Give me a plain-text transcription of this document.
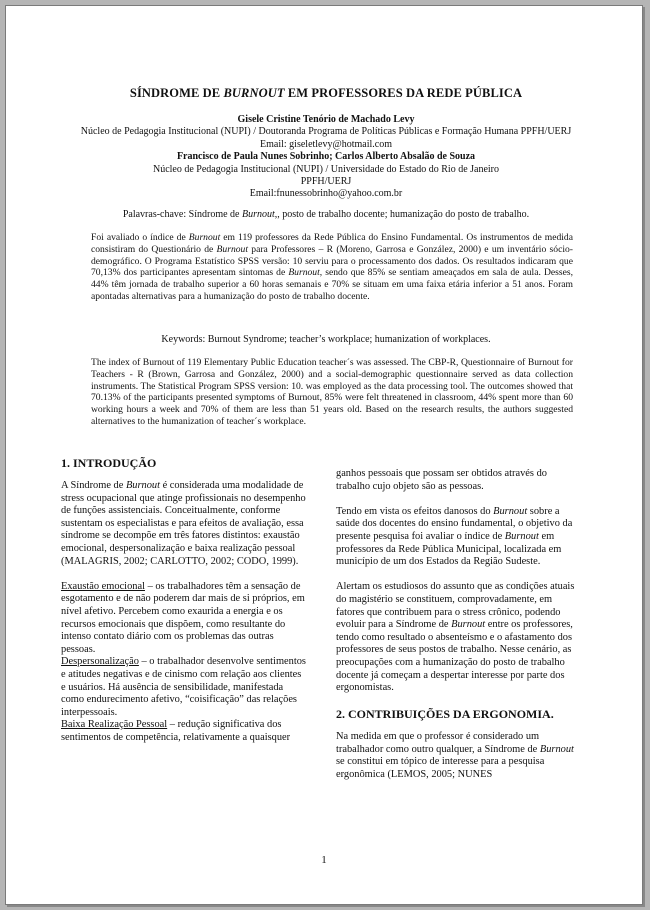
SÍNDROME DE BURNOUT EM PROFESSORES DA REDE PÚBLICA
Gisele Cristine Tenório de Machado Levy
Núcleo de Pedagogia Institucional (NUPI) / Doutoranda Programa de Políticas Públicas e Formação Humana PPFH/UERJ
Email: giseletlevy@hotmail.com
Francisco de Paula Nunes Sobrinho; Carlos Alberto Absalão de Souza
Núcleo de Pedagogia Institucional (NUPI) / Universidade do Estado do Rio de Janeiro
PPFH/UERJ
Email:fnunessobrinho@yahoo.com.br
Palavras-chave: Síndrome de Burnout,, posto de trabalho docente; humanização do posto de trabalho.
Foi avaliado o índice de Burnout em 119 professores da Rede Pública do Ensino Fundamental. Os instrumentos de medida consistiram do Questionário de Burnout para Professores – R (Moreno, Garrosa e González, 2000) e um inventário sócio-demográfico. O Programa Estatístico SPSS versão: 10 serviu para o processamento dos dados. Os resultados indicaram que 70,13% dos participantes apresentam sintomas de Burnout, sendo que 85% se sentiam ameaçados em sala de aula. Desses, 44% têm jornada de trabalho superior a 60 horas semanais e 70% se situam em uma faixa etária inferior a 51 anos. Foram apontadas alternativas para a humanização do posto de trabalho docente.
Keywords: Burnout Syndrome; teacher’s workplace; humanization of workplaces.
The index of Burnout of 119 Elementary Public Education teacher´s was assessed. The CBP-R, Questionnaire of Burnout for Teachers - R (Brown, Garrosa and González, 2000) and a social-demographic questionnaire served as data collection instruments. The Statistical Program SPSS version: 10. was employed as the data processing tool. The outcomes showed that 70.13% of the participants presented symptoms of Burnout, 85% were felt threatened in classroom, 44% spent more than 60 working hours a week and 70% of them are less than 51 years old. Based on the research results, the authors suggested alternatives to the humanization of teacher´s workplace.
1. INTRODUÇÃO

A Síndrome de Burnout é considerada uma modalidade de stress ocupacional que atinge profissionais no desempenho de funções assistenciais. Conceitualmente, conforme sustentam os especialistas e para efeitos de avaliação, essa síndrome se decompõe em três fatores distintos: exaustão emocional, despersonalização e baixa realização pessoal (MALAGRIS, 2002; CARLOTTO, 2002; CODO, 1999).

Exaustão emocional – os trabalhadores têm a sensação de esgotamento e de não poderem dar mais de si próprios, em nível afetivo. Percebem como exaurida a energia e os recursos emocionais que dispõem, como resultante do intenso contato diário com os problemas das outras pessoas.

Despersonalização – o trabalhador desenvolve sentimentos e atitudes negativas e de cinismo com relação aos clientes e usuários. Há ausência de sensibilidade, manifestada como endurecimento afetivo, “coisificação” das relações interpessoais.

Baixa Realização Pessoal – redução significativa dos sentimentos de competência, relativamente a quaisquer

ganhos pessoais que possam ser obtidos através do trabalho cujo objeto são as pessoas.

Tendo em vista os efeitos danosos do Burnout sobre a saúde dos docentes do ensino fundamental, o objetivo da presente pesquisa foi avaliar o índice de Burnout em professores da Rede Pública Municipal, localizada em município de um dos Estados da Região Sudeste.

Alertam os estudiosos do assunto que as condições atuais do magistério se constituem, comprovadamente, em fatores que contribuem para o stress crônico, podendo evoluir para a Síndrome de Burnout entre os professores, tendo como resultado o absenteísmo e o afastamento dos professores de seus postos de trabalho. Nesse cenário, as preocupações com a humanização do posto de trabalho docente já começam a despertar interesse por parte dos ergonomistas.

2. CONTRIBUIÇÕES DA ERGONOMIA.

Na medida em que o professor é considerado um trabalhador como outro qualquer, a Síndrome de Burnout se constitui em tópico de interesse para a pesquisa ergonômica (LEMOS, 2005; NUNES

1
